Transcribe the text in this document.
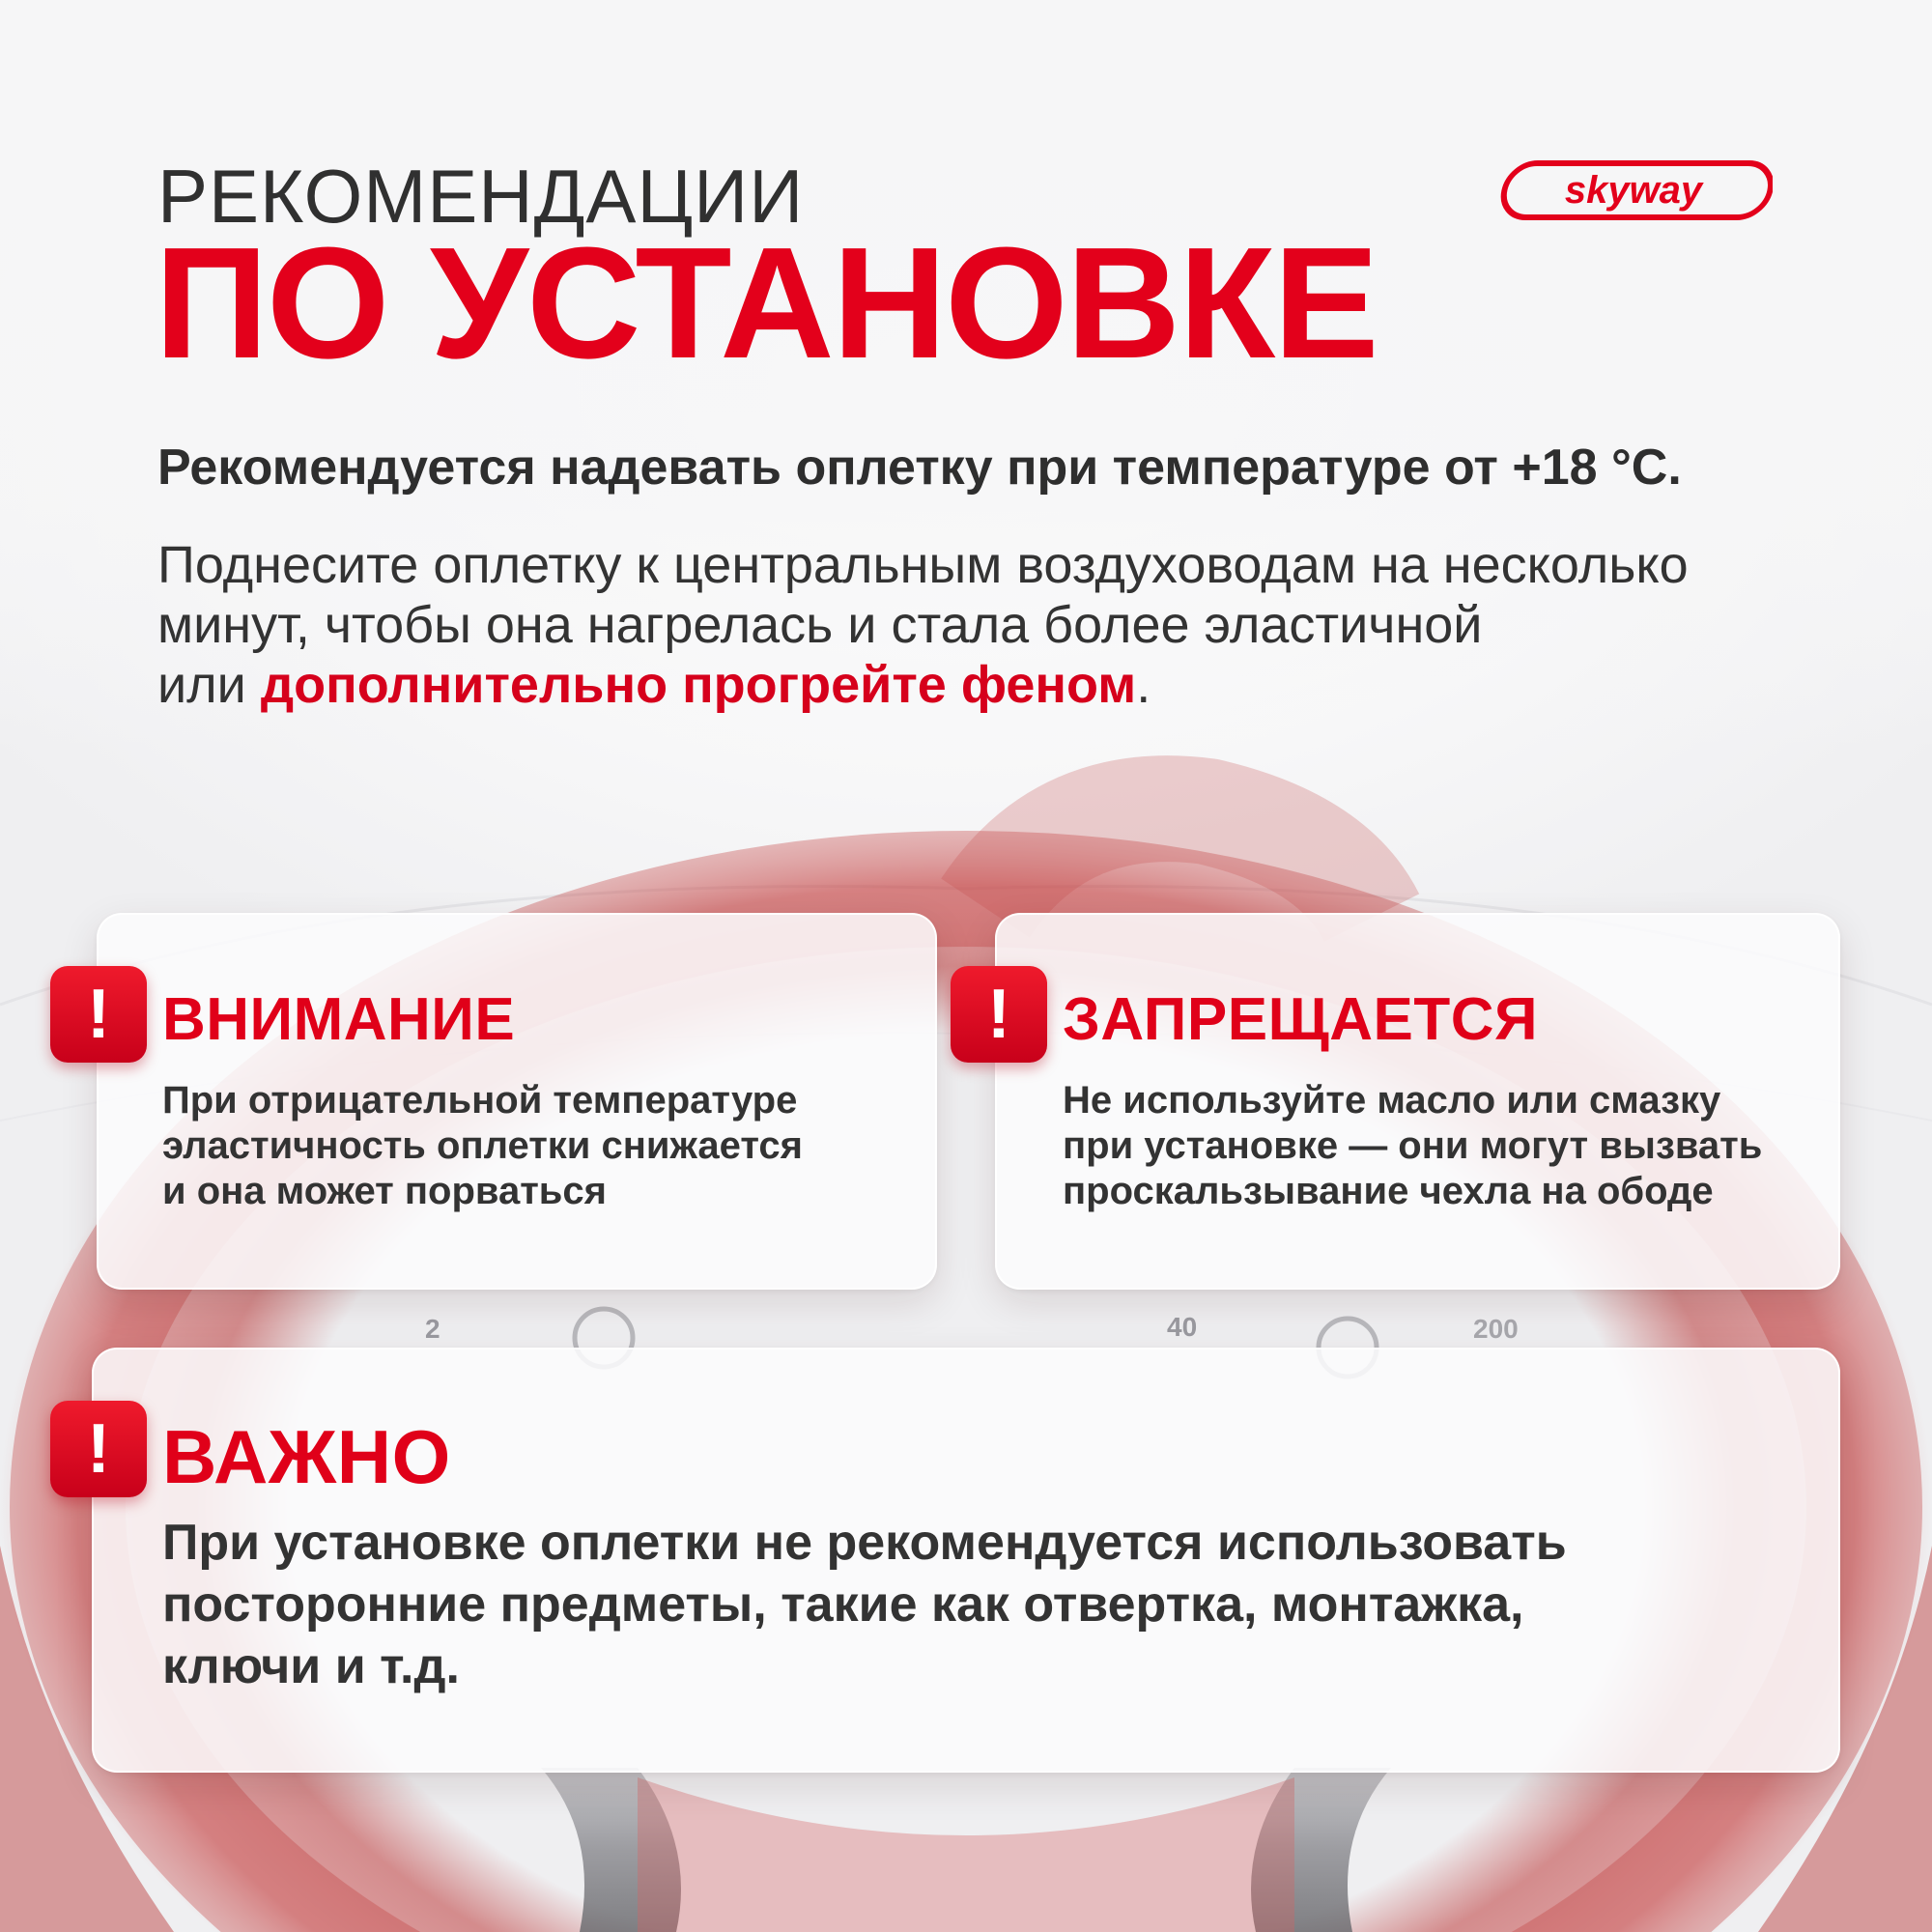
РЕКОМЕНДАЦИИ
ПО УСТАНОВКЕ
skyway
Рекомендуется надевать оплетку при температуре от +18 °C.
Поднесите оплетку к центральным воздуховодам на несколько
минут, чтобы она нагрелась и стала более эластичной
или дополнительно прогрейте феном.
! ВНИМАНИЕ
При отрицательной температуре
эластичность оплетки снижается
и она может порваться
! ЗАПРЕЩАЕТСЯ
Не используйте масло или смазку
при установке — они могут вызвать
проскальзывание чехла на ободе
! ВАЖНО
При установке оплетки не рекомендуется использовать
посторонние предметы, такие как отвертка, монтажка,
ключи и т.д.
